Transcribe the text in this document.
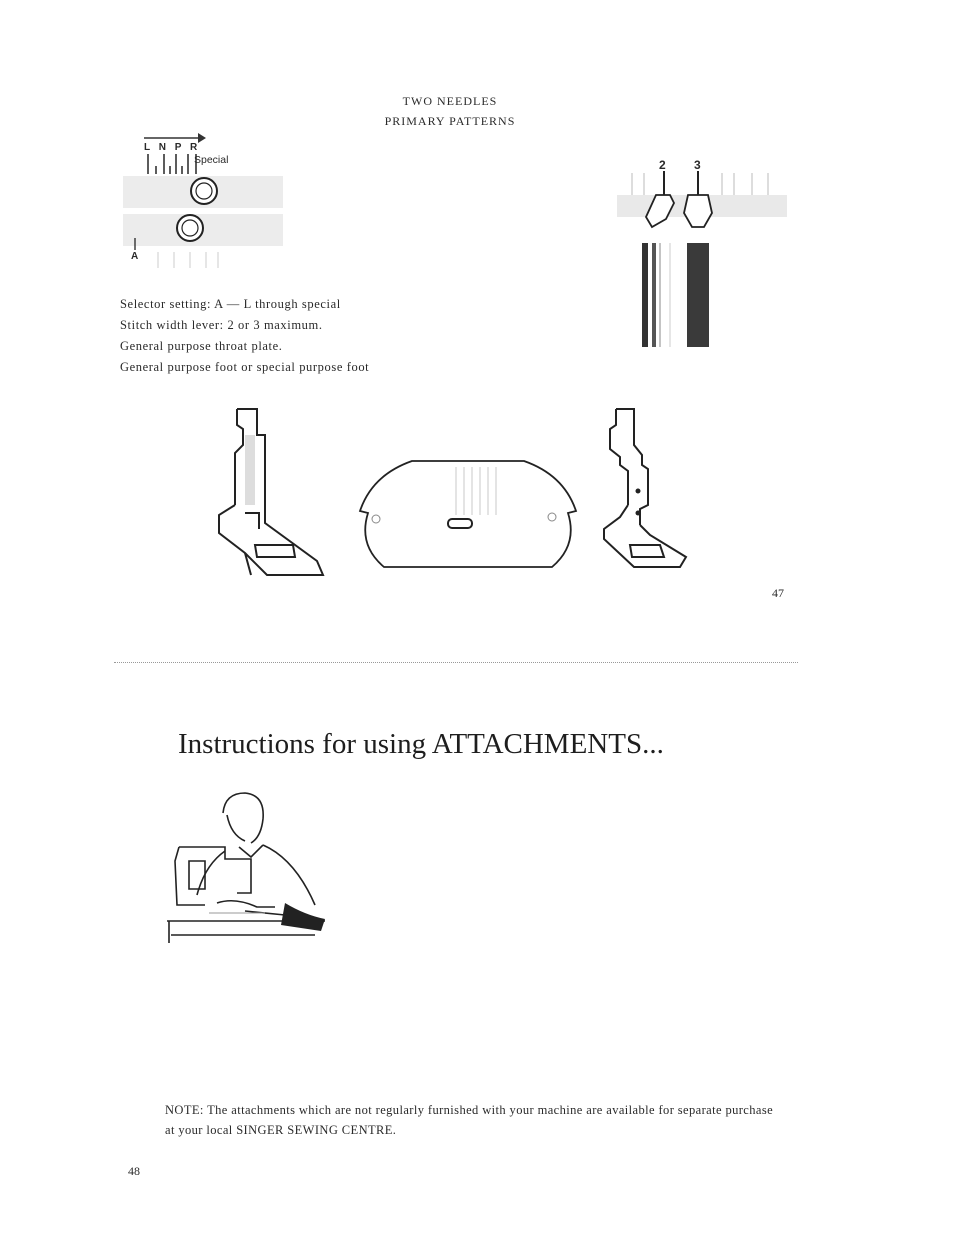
TWO NEEDLES
PRIMARY PATTERNS
L N P R
Special
A
2 3

Selector setting: A — L through special

Stitch width lever: 2 or 3 maximum.

General purpose throat plate.

General purpose foot or special purpose foot

47
Instructions for using ATTACHMENTS...
NOTE: The attachments which are not regularly furnished with your machine are available for separate purchase at your local SINGER SEWING CENTRE.
48
